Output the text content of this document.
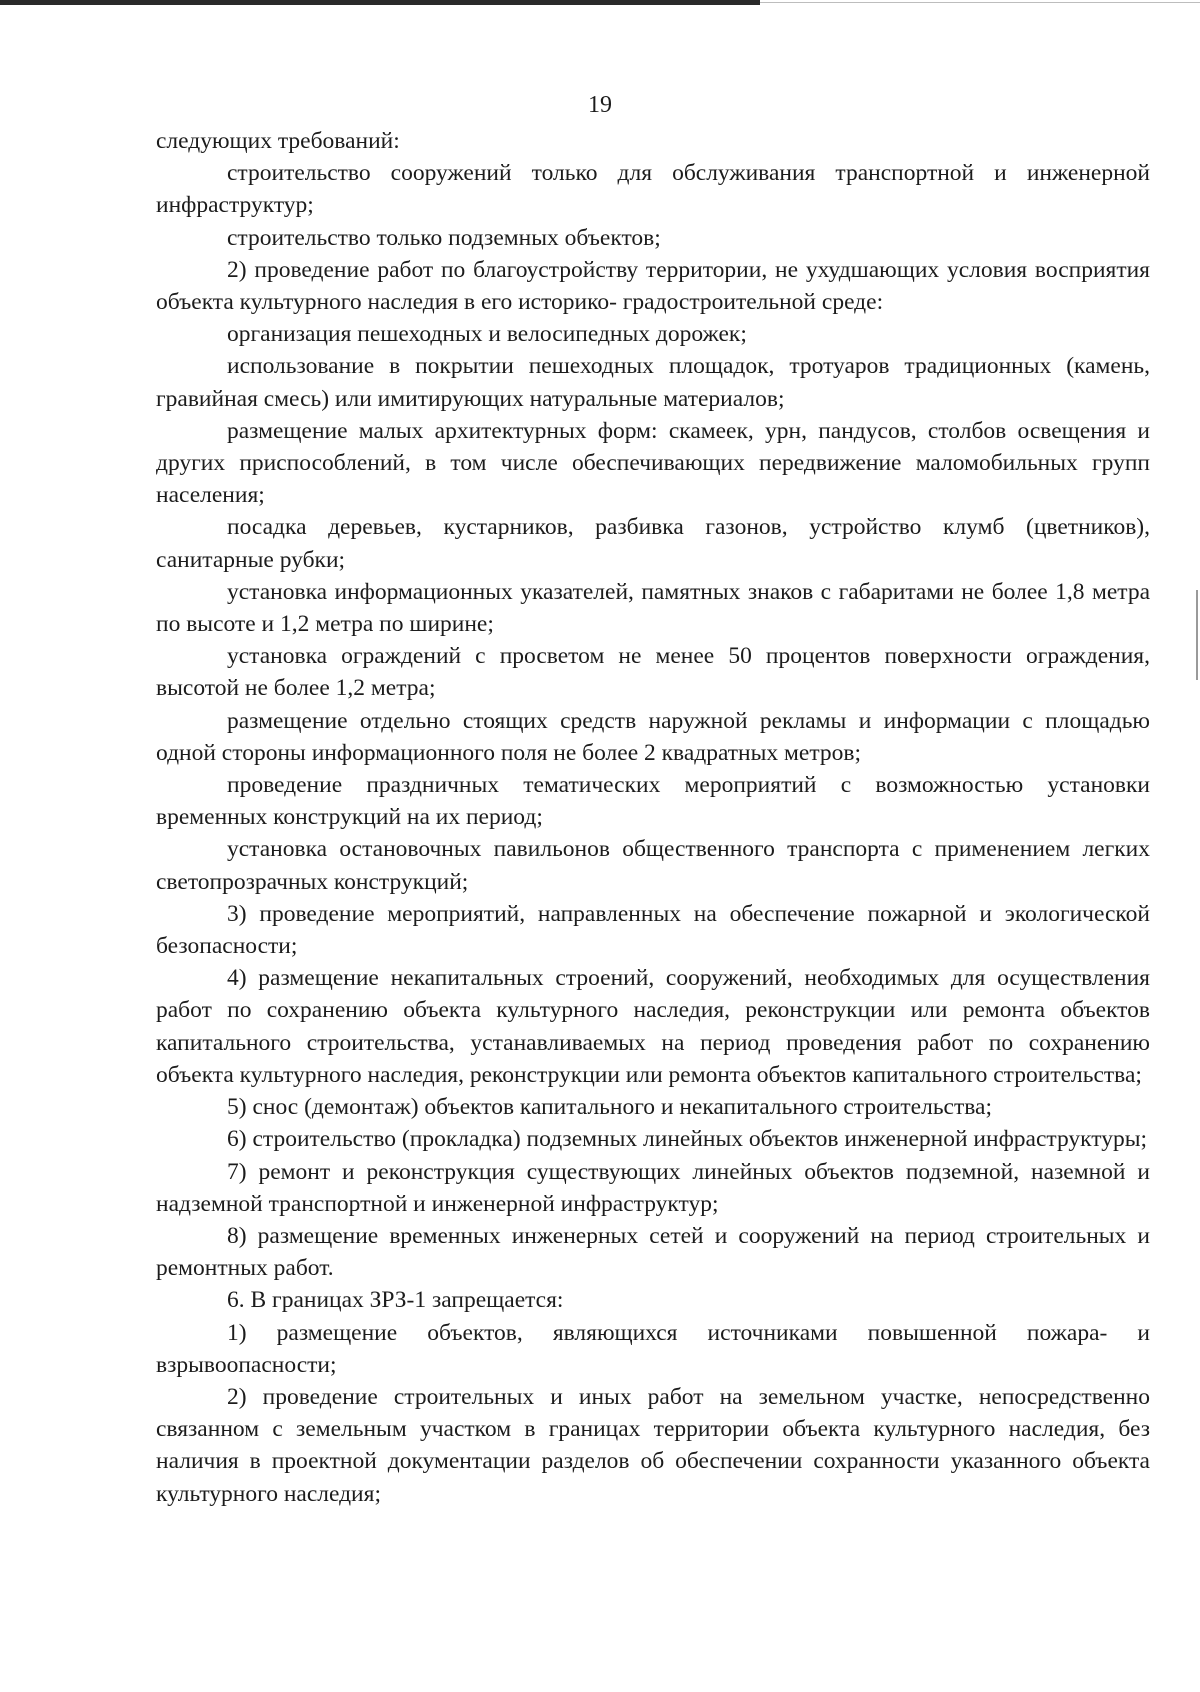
19

следующих требований:

строительство сооружений только для обслуживания транспортной и инженерной инфраструктур;

строительство только подземных объектов;

2) проведение работ по благоустройству территории, не ухудшающих условия восприятия объекта культурного наследия в его историко- градостроительной среде:

организация пешеходных и велосипедных дорожек;

использование в покрытии пешеходных площадок, тротуаров традиционных (камень, гравийная смесь) или имитирующих натуральные материалов;

размещение малых архитектурных форм: скамеек, урн, пандусов, столбов освещения и других приспособлений, в том числе обеспечивающих передвижение маломобильных групп населения;

посадка деревьев, кустарников, разбивка газонов, устройство клумб (цветников), санитарные рубки;

установка информационных указателей, памятных знаков с габаритами не более 1,8 метра по высоте и 1,2 метра по ширине;

установка ограждений с просветом не менее 50 процентов поверхности ограждения, высотой не более 1,2 метра;

размещение отдельно стоящих средств наружной рекламы и информации с площадью одной стороны информационного поля не более 2 квадратных метров;

проведение праздничных тематических мероприятий с возможностью установки временных конструкций на их период;

установка остановочных павильонов общественного транспорта с применением легких светопрозрачных конструкций;

3) проведение мероприятий, направленных на обеспечение пожарной и экологической безопасности;

4) размещение некапитальных строений, сооружений, необходимых для осуществления работ по сохранению объекта культурного наследия, реконструкции или ремонта объектов капитального строительства, устанавливаемых на период проведения работ по сохранению объекта культурного наследия, реконструкции или ремонта объектов капитального строительства;

5) снос (демонтаж) объектов капитального и некапитального строительства;

6) строительство (прокладка) подземных линейных объектов инженерной инфраструктуры;

7) ремонт и реконструкция существующих линейных объектов подземной, наземной и надземной транспортной и инженерной инфраструктур;

8) размещение временных инженерных сетей и сооружений на период строительных и ремонтных работ.

6. В границах ЗРЗ-1 запрещается:

1) размещение объектов, являющихся источниками повышенной пожара- и взрывоопасности;

2) проведение строительных и иных работ на земельном участке, непосредственно связанном с земельным участком в границах территории объекта культурного наследия, без наличия в проектной документации разделов об обеспечении сохранности указанного объекта культурного наследия;
